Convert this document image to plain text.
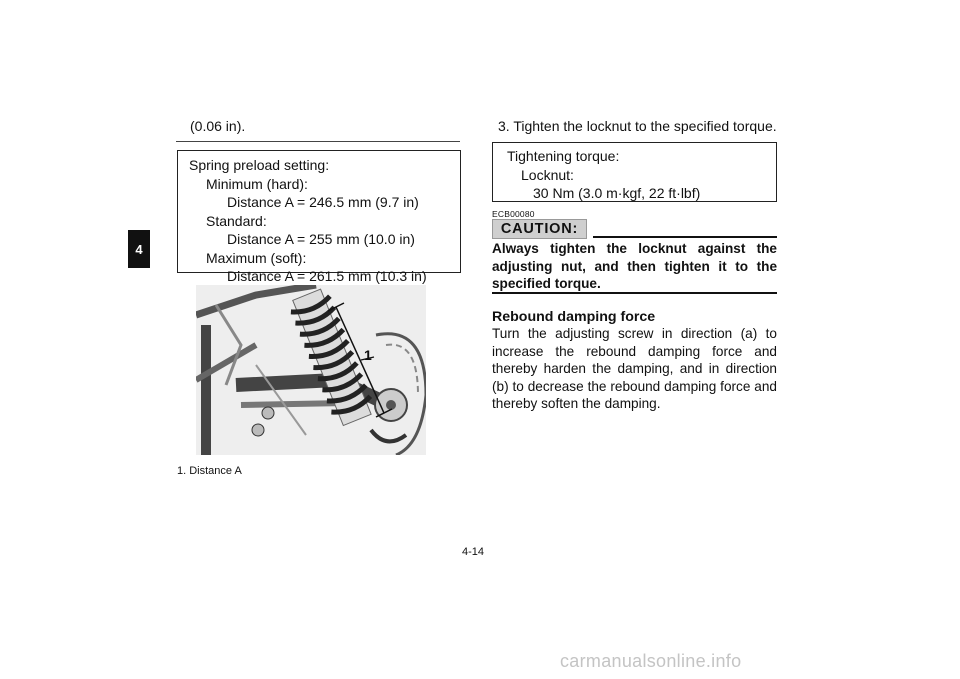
4
(0.06 in).
Spring preload setting:
Minimum (hard):
Distance A = 246.5 mm (9.7 in)
Standard:
Distance A = 255 mm (10.0 in)
Maximum (soft):
Distance A = 261.5 mm (10.3 in)
1
1. Distance A
3. Tighten the locknut to the specified torque.
Tightening torque:
Locknut:
30 Nm (3.0 m·kgf, 22 ft·lbf)
ECB00080
CAUTION:
Always tighten the locknut against the adjusting nut, and then tighten it to the specified torque.
Rebound damping force
Turn the adjusting screw in direction (a) to increase the rebound damping force and thereby harden the damping, and in direction (b) to decrease the rebound damping force and thereby soften the damping.
4-14
carmanualsonline.info
